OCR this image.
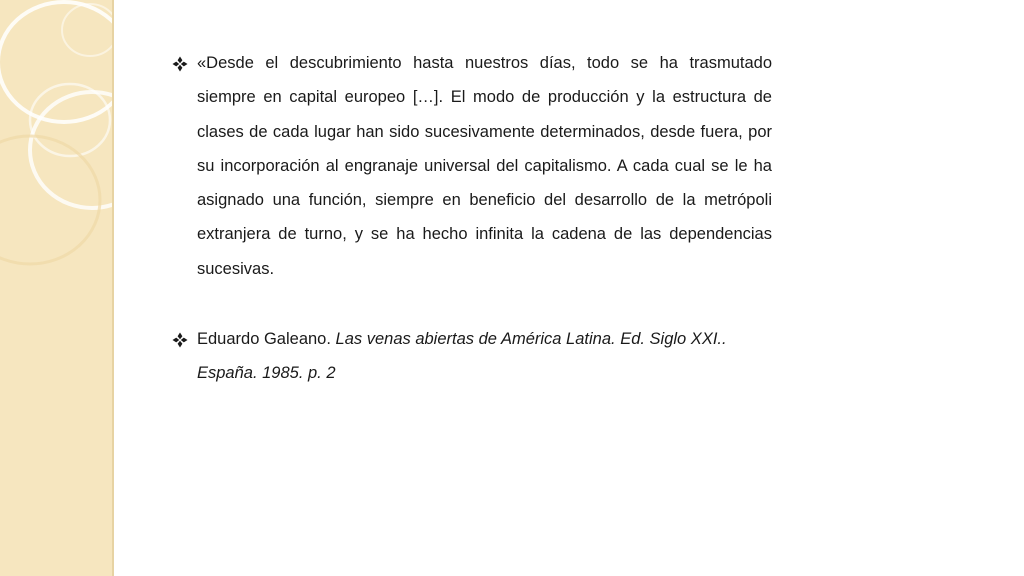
«Desde el descubrimiento hasta nuestros días, todo se ha trasmutado siempre en capital europeo […]. El modo de producción y la estructura de clases de cada lugar han sido sucesivamente determinados, desde fuera, por su incorporación al engranaje universal del capitalismo. A cada cual se le ha asignado una función, siempre en beneficio del desarrollo de la metrópoli extranjera de turno, y se ha hecho infinita la cadena de las dependencias sucesivas.

Eduardo Galeano. Las venas abiertas de América Latina. Ed. Siglo XXI.. España. 1985. p. 2
